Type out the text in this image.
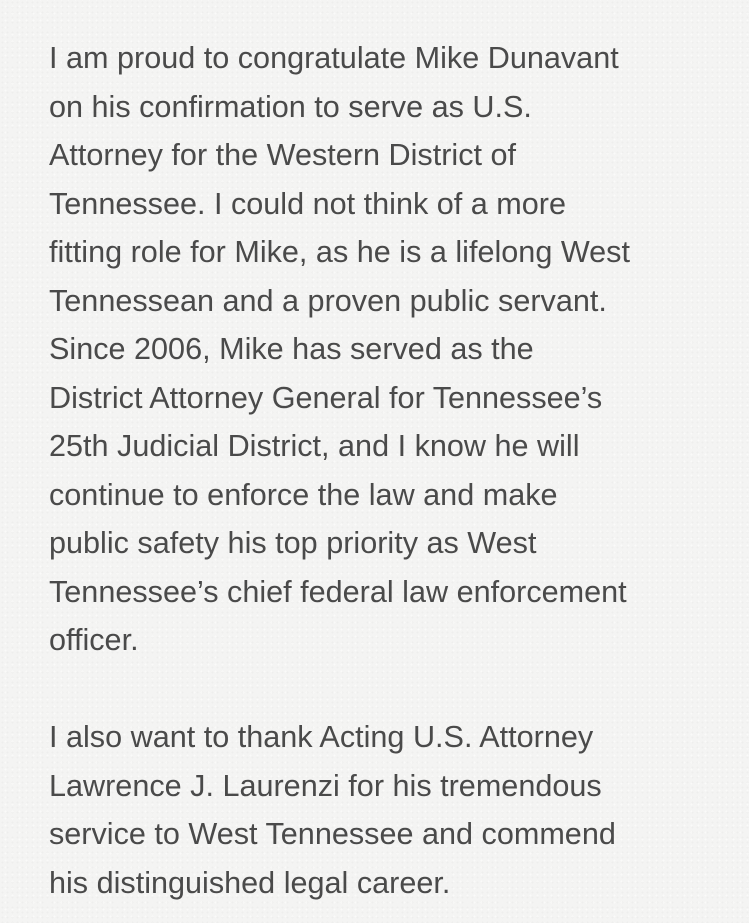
I am proud to congratulate Mike Dunavant
on his confirmation to serve as U.S.
Attorney for the Western District of
Tennessee. I could not think of a more
fitting role for Mike, as he is a lifelong West
Tennessean and a proven public servant.
Since 2006, Mike has served as the
District Attorney General for Tennessee’s
25th Judicial District, and I know he will
continue to enforce the law and make
public safety his top priority as West
Tennessee’s chief federal law enforcement
officer.
I also want to thank Acting U.S. Attorney
Lawrence J. Laurenzi for his tremendous
service to West Tennessee and commend
his distinguished legal career.
